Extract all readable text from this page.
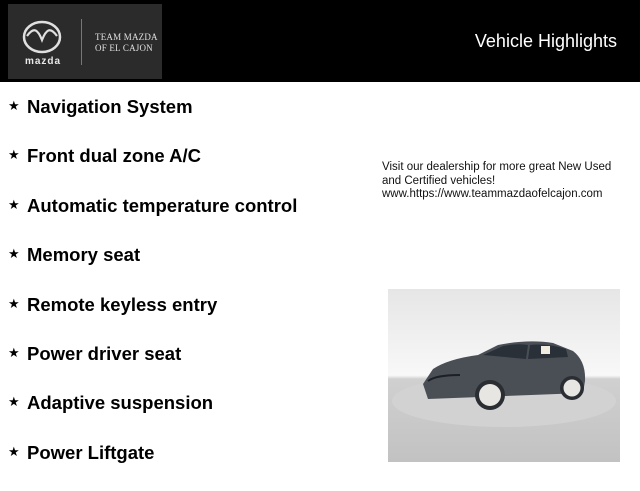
mazda
TEAM MAZDA
OF EL CAJON	Vehicle Highlights
★ Navigation System
★ Front dual zone A/C
★ Automatic temperature control
★ Memory seat
★ Remote keyless entry
★ Power driver seat
★ Adaptive suspension
★ Power Liftgate
Visit our dealership for more great New Used
and Certified vehicles!
www.https://www.teammazdaofelcajon.com
